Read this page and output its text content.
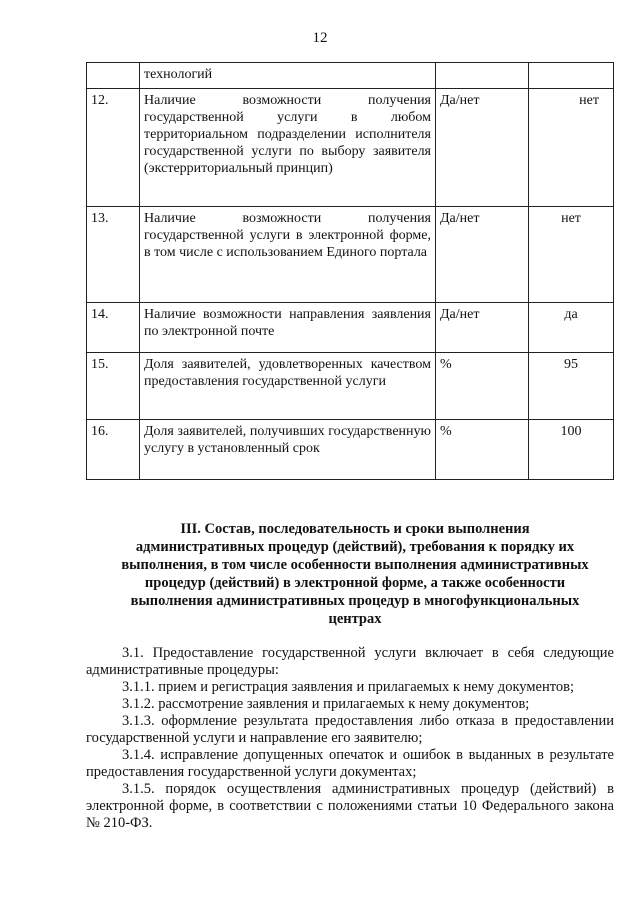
12
	технологий		
12.	Наличие возможности получения государственной услуги в любом территориальном подразделении исполнителя государственной услуги по выбору заявителя (экстерриториальный принцип)	Да/нет	нет
13.	Наличие возможности получения государственной услуги в электронной форме, в том числе с использованием Единого портала	Да/нет	нет
14.	Наличие возможности направления заявления по электронной почте	Да/нет	да
15.	Доля заявителей, удовлетворенных качеством предоставления государственной услуги	%	95
16.	Доля заявителей, получивших государственную услугу в установленный срок	%	100
III. Состав, последовательность и сроки выполнения административных процедур (действий), требования к порядку их выполнения, в том числе особенности выполнения административных процедур (действий) в электронной форме, а также особенности выполнения административных процедур в многофункциональных центрах

3.1. Предоставление государственной услуги включает в себя следующие административные процедуры:

3.1.1. прием и регистрация заявления и прилагаемых к нему документов;

3.1.2. рассмотрение заявления и прилагаемых к нему документов;

3.1.3. оформление результата предоставления либо отказа в предоставлении государственной услуги и направление его заявителю;

3.1.4. исправление допущенных опечаток и ошибок в выданных в результате предоставления государственной услуги документах;

3.1.5. порядок осуществления административных процедур (действий) в электронной форме, в соответствии с положениями статьи 10 Федерального закона № 210-ФЗ.
